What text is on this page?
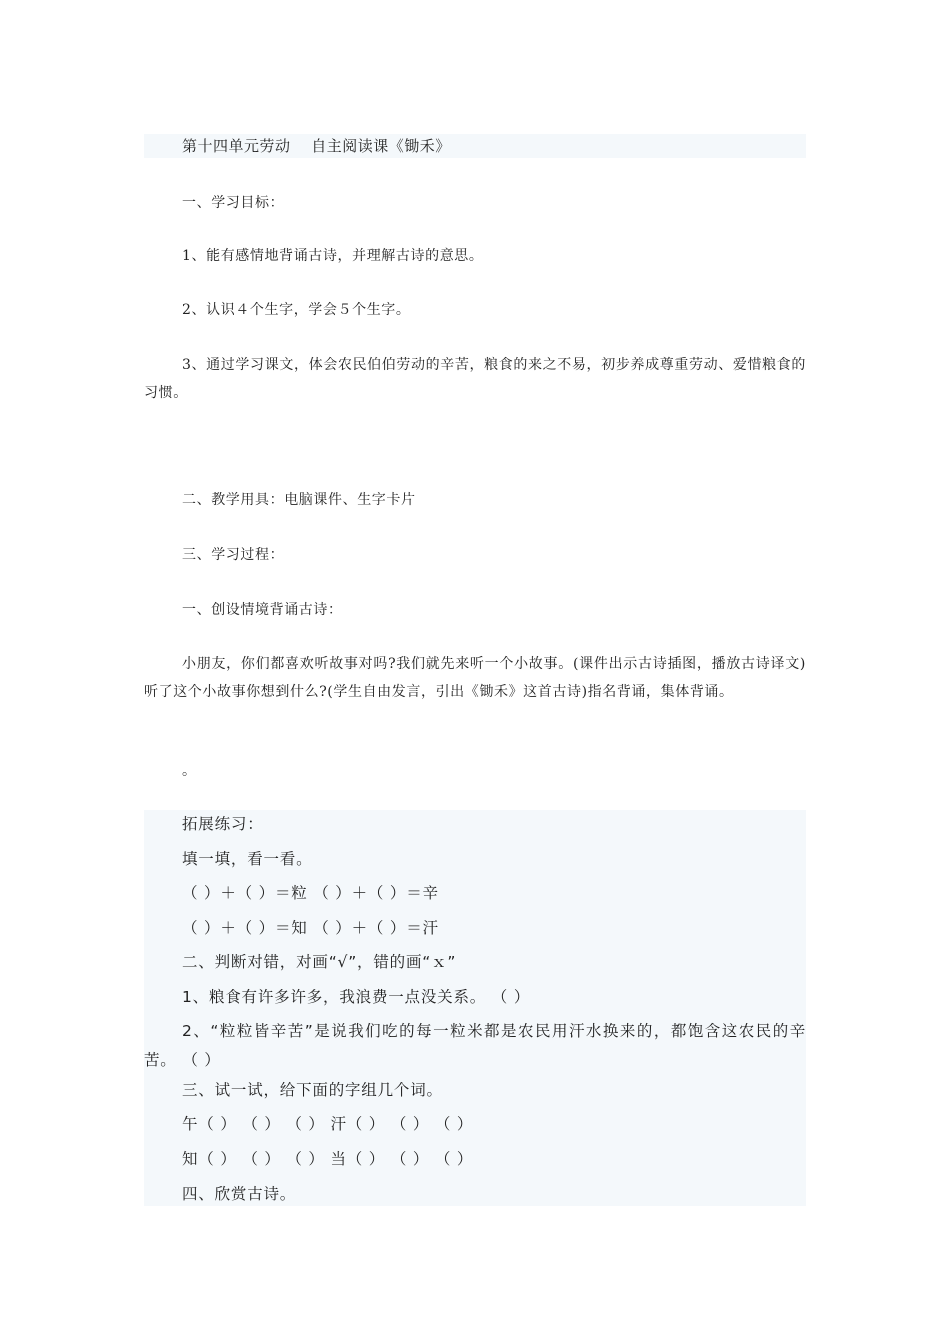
第十四单元劳动　 自主阅读课《锄禾》

一、学习目标：

1、能有感情地背诵古诗，并理解古诗的意思。

2、认识４个生字，学会５个生字。

3、通过学习课文，体会农民伯伯劳动的辛苦，粮食的来之不易，初步养成尊重劳动、爱惜粮食的习惯。

二、教学用具：电脑课件、生字卡片

三、学习过程：

一、创设情境背诵古诗：

小朋友，你们都喜欢听故事对吗?我们就先来听一个小故事。(课件出示古诗插图，播放古诗译文)听了这个小故事你想到什么?(学生自由发言，引出《锄禾》这首古诗)指名背诵，集体背诵。

。

拓展练习：

填一填，看一看。

（ ）＋（ ）＝粒 （ ）＋（ ）＝辛

（ ）＋（ ）＝知 （ ）＋（ ）＝汗

二、判断对错，对画“√”，错的画“ｘ”

1、粮食有许多许多，我浪费一点没关系。 （ ）

2、“粒粒皆辛苦”是说我们吃的每一粒米都是农民用汗水换来的，都饱含这农民的辛苦。 （ ）

三、试一试，给下面的字组几个词。

午（ ） （ ） （ ） 汗（ ） （ ） （ ）

知（ ） （ ） （ ） 当（ ） （ ） （ ）

四、欣赏古诗。
